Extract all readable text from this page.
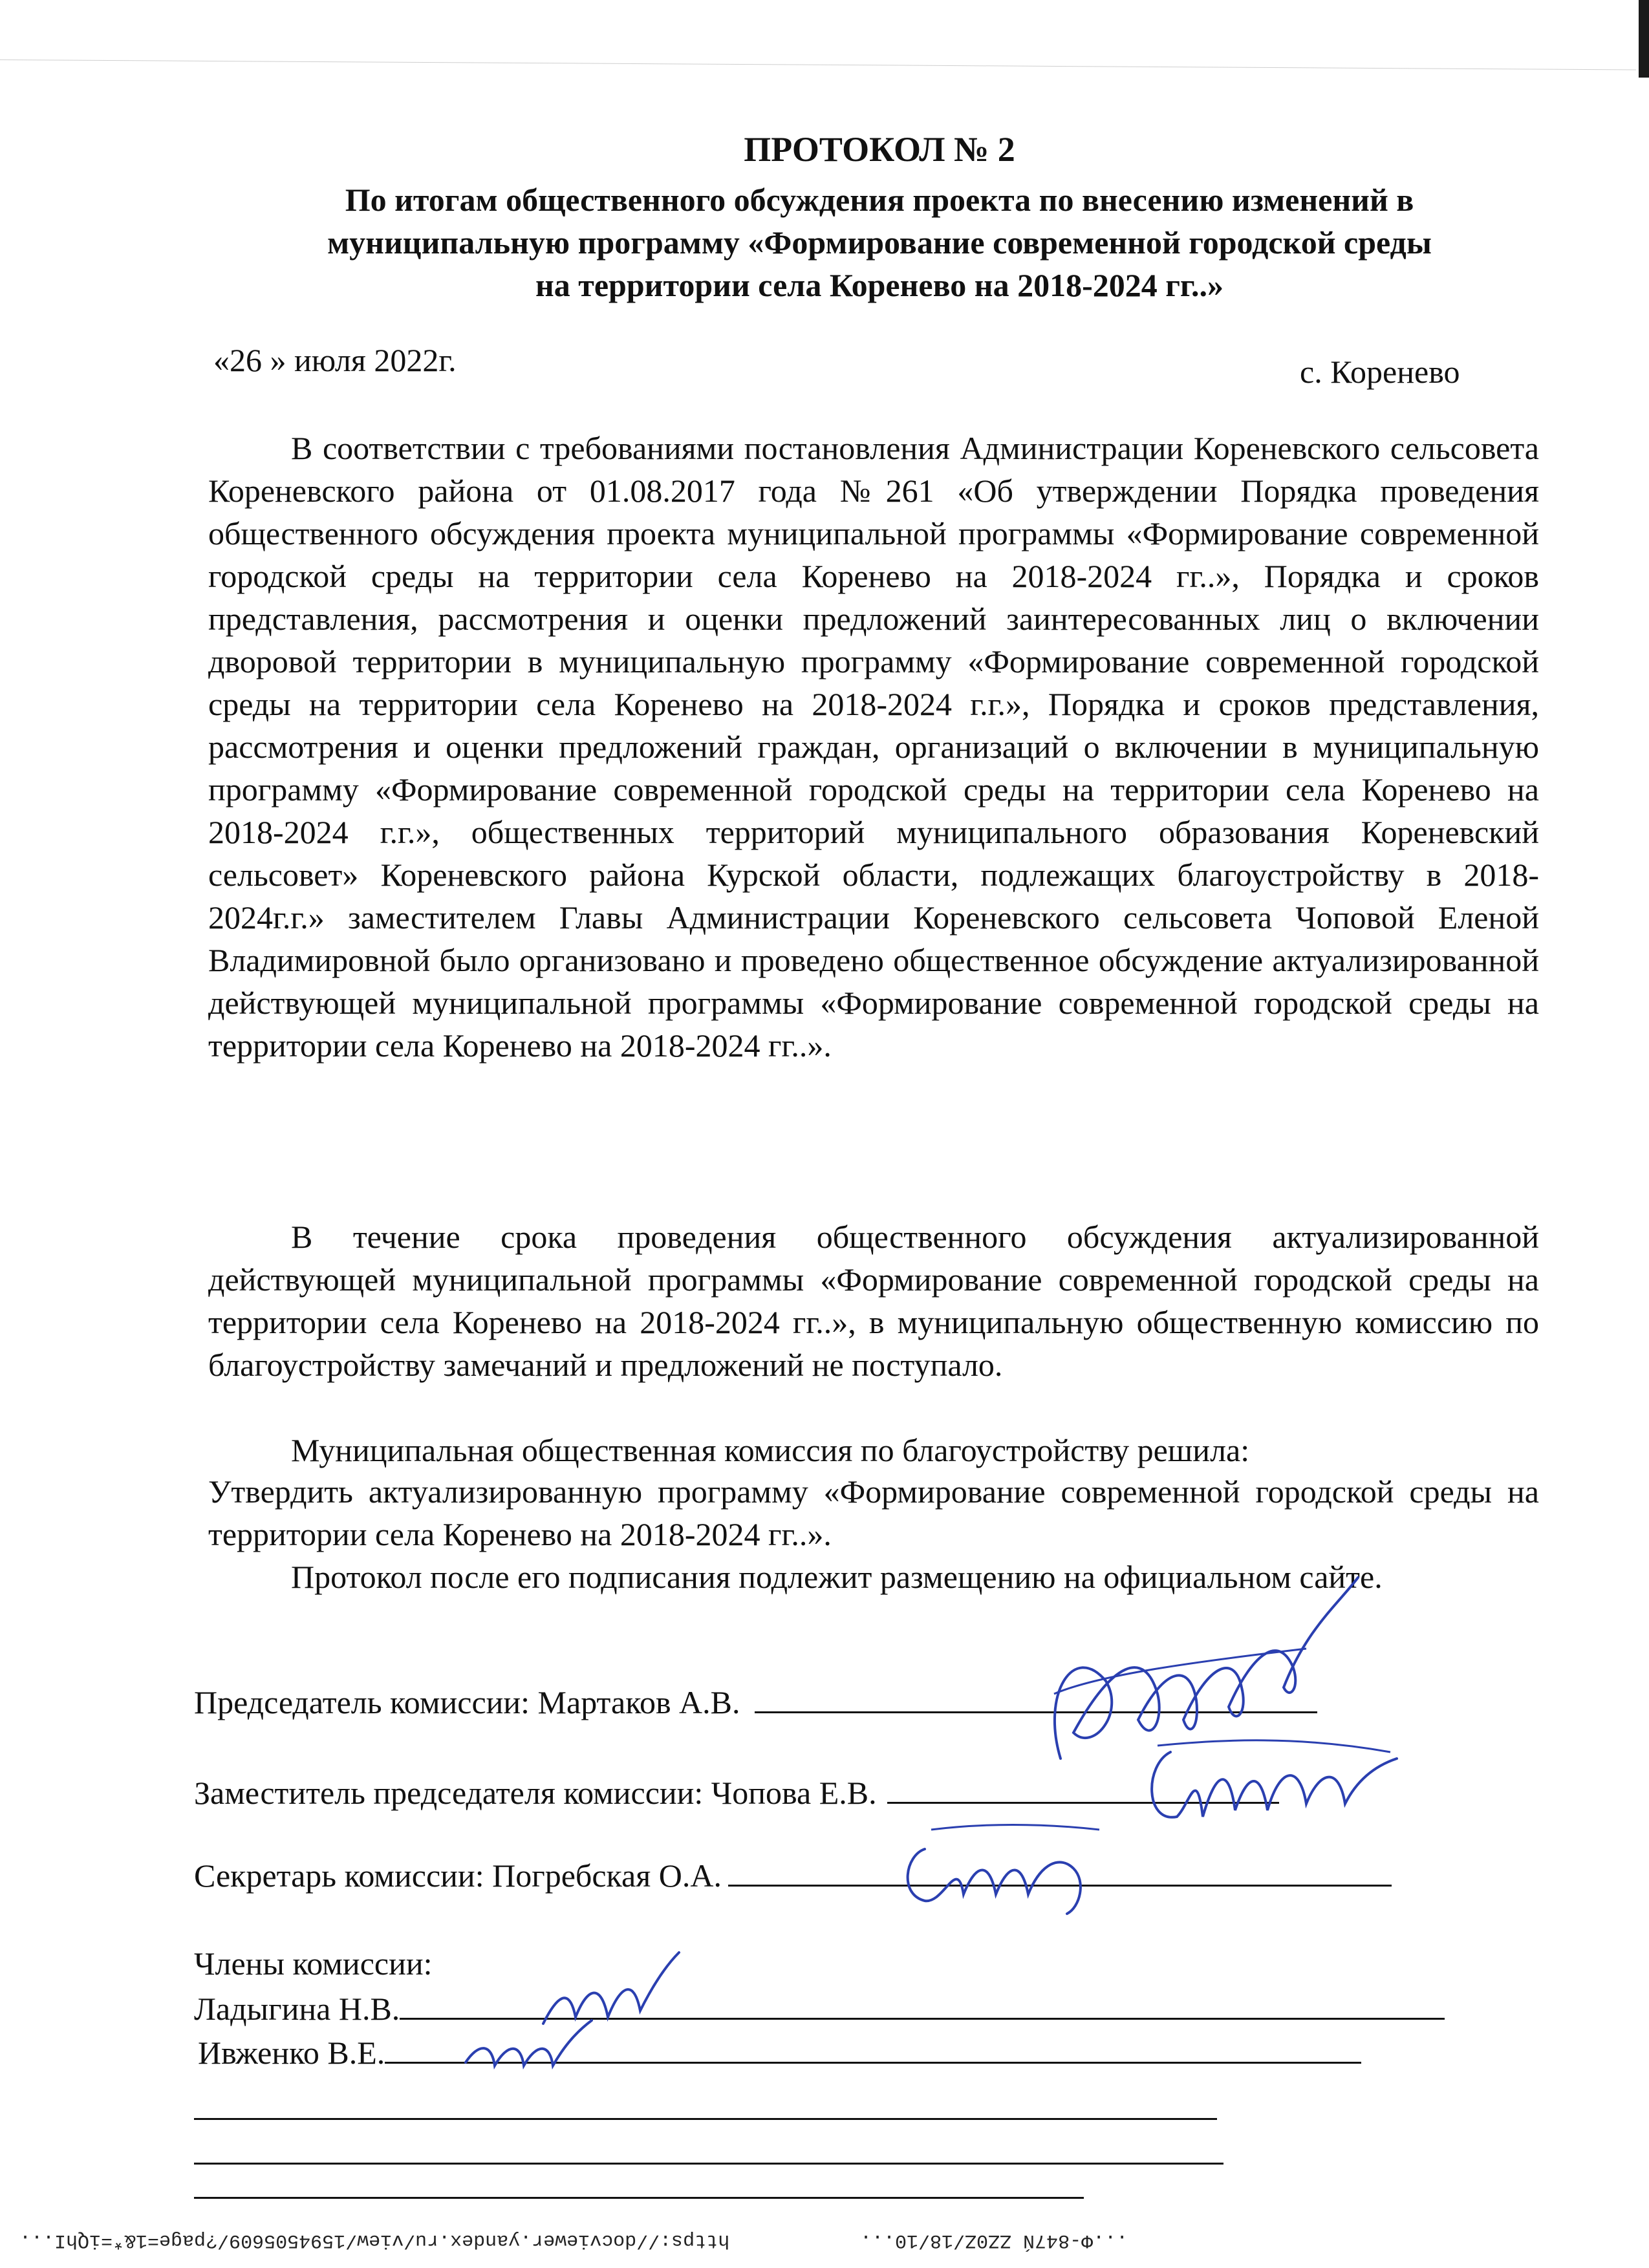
ПРОТОКОЛ № 2
По итогам общественного обсуждения проекта по внесению изменений в
муниципальную программу «Формирование современной городской среды
на территории села Коренево на 2018-2024 гг..»
«26 » июля 2022г.	с. Коренево

В соответствии с требованиями постановления Администрации Кореневского сельсовета Кореневского района от 01.08.2017 года №261 «Об утверждении Порядка проведения общественного обсуждения проекта муниципальной программы «Формирование современной городской среды на территории села Коренево на 2018-2024 гг..», Порядка и сроков представления, рассмотрения и оценки предложений заинтересованных лиц о включении дворовой территории в муниципальную программу «Формирование современной городской среды на территории села Коренево на 2018-2024 г.г.», Порядка и сроков представления, рассмотрения и оценки предложений граждан, организаций о включении в муниципальную программу «Формирование современной городской среды на территории села Коренево на 2018-2024 г.г.», общественных территорий муниципального образования Кореневский сельсовет» Кореневского района Курской области, подлежащих благоустройству в 2018-2024г.г.» заместителем Главы Администрации Кореневского сельсовета Чоповой Еленой Владимировной было организовано и проведено общественное обсуждение актуализированной действующей муниципальной программы «Формирование современной городской среды на территории села Коренево на 2018-2024 гг..».

В течение срока проведения общественного обсуждения актуализированной действующей муниципальной программы «Формирование современной городской среды на территории села Коренево на 2018-2024 гг..», в муниципальную общественную комиссию по благоустройству замечаний и предложений не поступало.

Муниципальная общественная комиссия по благоустройству решила:

Утвердить актуализированную программу «Формирование современной городской среды на территории села Коренево на 2018-2024 гг..».

Протокол после его подписания подлежит размещению на официальном сайте.

Председатель комиссии: Мартаков А.В.
Заместитель председателя комиссии: Чопова Е.В.
Секретарь комиссии: Погребская О.А.
Члены комиссии:
Ладыгина Н.В.
Ивженко В.Е.
https://docviewer.yandex.ru/view/1594505609/?page=1&*=iQhI...	...Ф-847Ń ZZ0Z/18/10...
